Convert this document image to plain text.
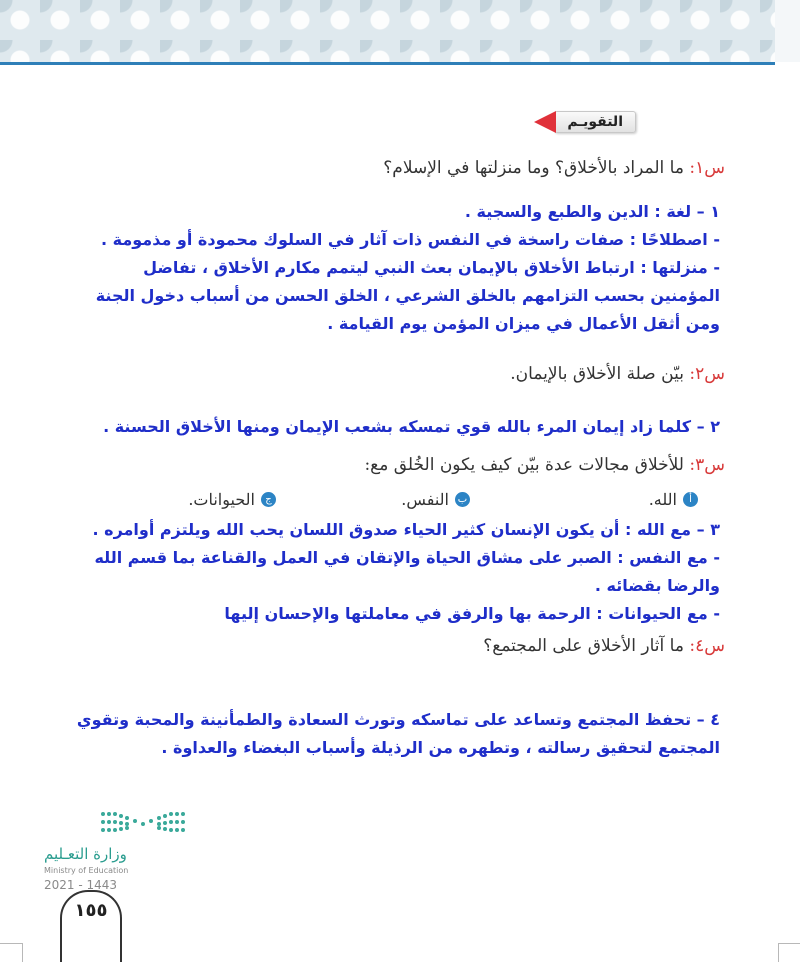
التقويـم
س١: ما المراد بالأخلاق؟ وما منزلتها في الإسلام؟

١ – لغة : الدين والطبع والسجية .

- اصطلاحًا : صفات راسخة في النفس ذات آثار في السلوك محمودة أو مذمومة .

- منزلتها : ارتباط الأخلاق بالإيمان بعث النبي ليتمم مكارم الأخلاق ، تفاضل المؤمنين بحسب التزامهم بالخلق الشرعي ، الخلق الحسن من أسباب دخول الجنة ومن أثقل الأعمال في ميزان المؤمن يوم القيامة .

س٢: بيّن صلة الأخلاق بالإيمان.

٢ – كلما زاد إيمان المرء بالله قوي تمسكه بشعب الإيمان ومنها الأخلاق الحسنة .

س٣: للأخلاق مجالات عدة بيّن كيف يكون الخُلق مع:
أ
الله.
ب
النفس.
ج
الحيوانات.

٣ – مع الله : أن يكون الإنسان كثير الحياء صدوق اللسان يحب الله ويلتزم أوامره .

- مع النفس : الصبر على مشاق الحياة والإتقان في العمل والقناعة بما قسم الله والرضا بقضائه .

- مع الحيوانات : الرحمة بها والرفق في معاملتها والإحسان إليها

س٤: ما آثار الأخلاق على المجتمع؟

٤ – تحفظ المجتمع وتساعد على تماسكه وتورث السعادة والطمأنينة والمحبة وتقوي المجتمع لتحقيق رسالته ، وتطهره من الرذيلة وأسباب البغضاء والعداوة .

وزارة التعـليم
Ministry of Education
2021 - 1443
١٥٥
